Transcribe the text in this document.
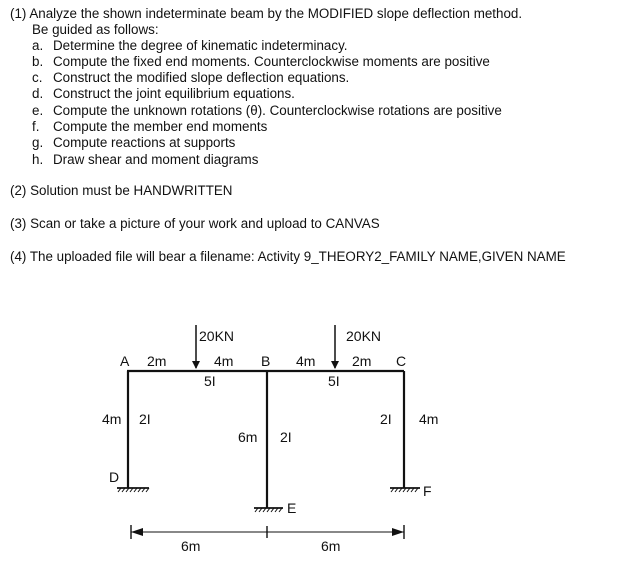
(1) Analyze the shown indeterminate beam by the MODIFIED slope deflection method.
Be guided as follows:
a. Determine the degree of kinematic indeterminacy.
b. Compute the fixed end moments. Counterclockwise moments are positive
c. Construct the modified slope deflection equations.
d. Construct the joint equilibrium equations.
e. Compute the unknown rotations (θ). Counterclockwise rotations are positive
f. Compute the member end moments
g. Compute reactions at supports
h. Draw shear and moment diagrams
(2) Solution must be HANDWRITTEN
(3) Scan or take a picture of your work and upload to CANVAS
(4) The uploaded file will bear a filename: Activity 9_THEORY2_FAMILY NAME,GIVEN NAME
20KN	20KN
A	B	C
2m	4m	4m	2m
5I	5I
4m 2I
6m 2I
2I 4m
D
E
F
6m	6m
